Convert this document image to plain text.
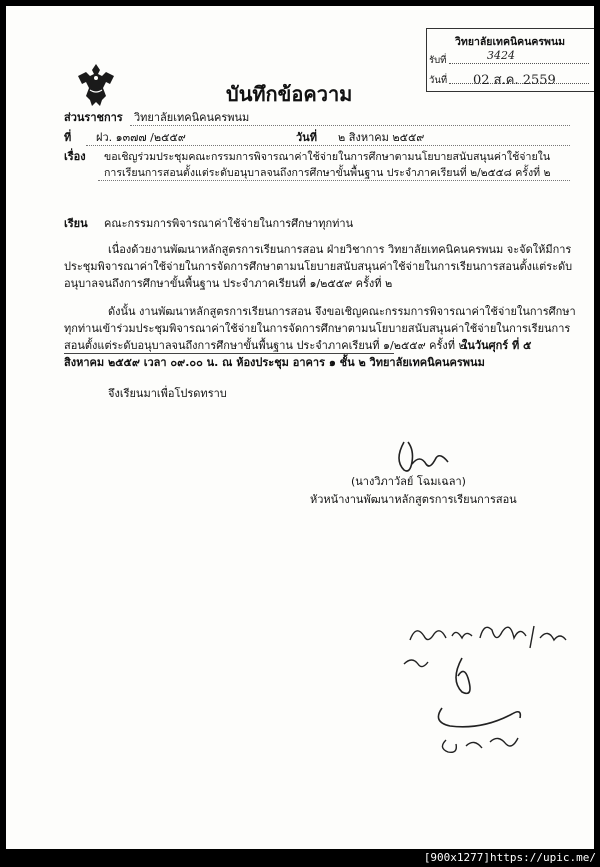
วิทยาลัยเทคนิคนครพนม
รับที่	3424
วันที่ 02 ส.ค. 2559
บันทึกข้อความ
ส่วนราชการ วิทยาลัยเทคนิคนครพนม
ที่ ฝว. ๑๓๗๗ /๒๕๕๙	วันที่ ๒ สิงหาคม ๒๕๕๙
เรื่อง ขอเชิญร่วมประชุมคณะกรรมการพิจารณาค่าใช้จ่ายในการศึกษาตามนโยบายสนับสนุนค่าใช้จ่ายใน
การเรียนการสอนตั้งแต่ระดับอนุบาลจนถึงการศึกษาขั้นพื้นฐาน ประจำภาคเรียนที่ ๒/๒๕๕๘ ครั้งที่ ๒
เรียน คณะกรรมการพิจารณาค่าใช้จ่ายในการศึกษาทุกท่าน
เนื่องด้วยงานพัฒนาหลักสูตรการเรียนการสอน ฝ่ายวิชาการ วิทยาลัยเทคนิคนครพนม จะจัดให้มีการ
ประชุมพิจารณาค่าใช้จ่ายในการจัดการศึกษาตามนโยบายสนับสนุนค่าใช้จ่ายในการเรียนการสอนตั้งแต่ระดับ
อนุบาลจนถึงการศึกษาขั้นพื้นฐาน ประจำภาคเรียนที่ ๑/๒๕๕๙ ครั้งที่ ๒
ดังนั้น งานพัฒนาหลักสูตรการเรียนการสอน จึงขอเชิญคณะกรรมการพิจารณาค่าใช้จ่ายในการศึกษา
ทุกท่านเข้าร่วมประชุมพิจารณาค่าใช้จ่ายในการจัดการศึกษาตามนโยบายสนับสนุนค่าใช้จ่ายในการเรียนการ
สอนตั้งแต่ระดับอนุบาลจนถึงการศึกษาขั้นพื้นฐาน ประจำภาคเรียนที่ ๑/๒๕๕๙ ครั้งที่ ๒
ในวันศุกร์ ที่ ๕
สิงหาคม ๒๕๕๙ เวลา ๐๙.๐๐ น. ณ ห้องประชุม อาคาร ๑ ชั้น ๒ วิทยาลัยเทคนิคนครพนม
จึงเรียนมาเพื่อโปรดทราบ
(นางวิภาวัลย์ โฉมเฉลา)
หัวหน้างานพัฒนาหลักสูตรการเรียนการสอน
[900x1277]https://upic.me/
